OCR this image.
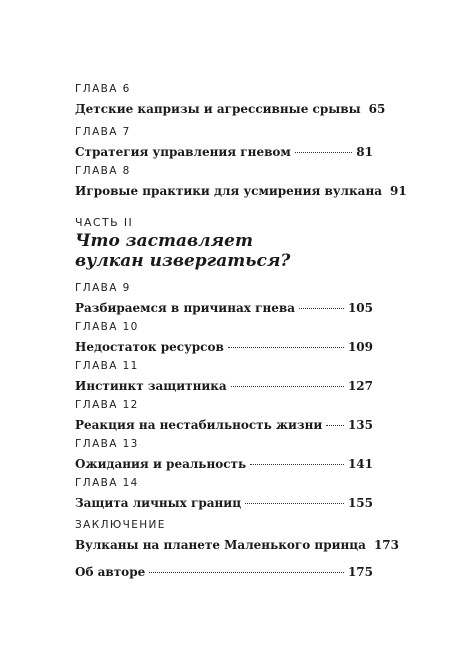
ГЛАВА 6
Детские капризы и агрессивные срывы 65
ГЛАВА 7
Стратегия управления гневом	81
ГЛАВА 8
Игровые практики для усмирения вулкана 91
ЧАСТЬ II
Что заставляет вулкан извергаться?
ГЛАВА 9
Разбираемся в причинах гнева	105
ГЛАВА 10
Недостаток ресурсов	109
ГЛАВА 11
Инстинкт защитника	127
ГЛАВА 12
Реакция на нестабильность жизни 135
ГЛАВА 13
Ожидания и реальность	141
ГЛАВА 14
Защита личных границ	155
ЗАКЛЮЧЕНИЕ
Вулканы на планете Маленького принца 173
Об авторе	175
